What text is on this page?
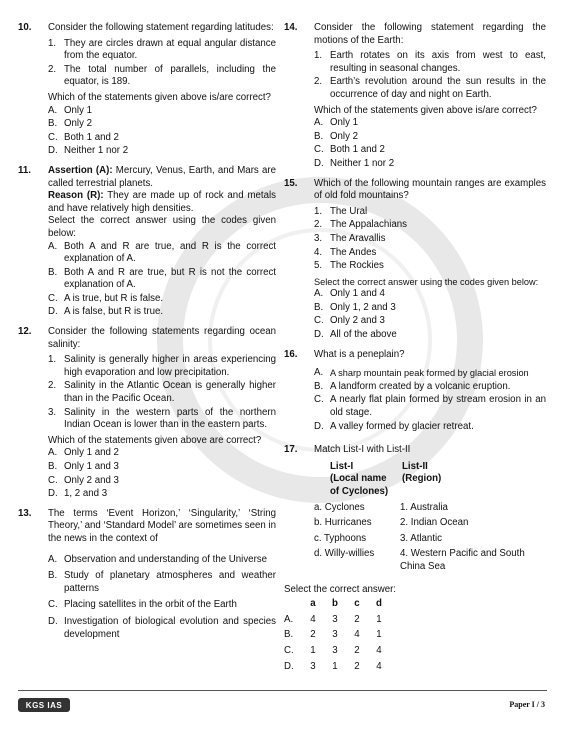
10.	Consider the following statement regarding latitudes:
1. They are circles drawn at equal angular distance from the equator.
2. The total number of parallels, including the equator, is 189.
Which of the statements given above is/are correct?
A. Only 1
B. Only 2
C. Both 1 and 2
D. Neither 1 nor 2
11.	Assertion (A): Mercury, Venus, Earth, and Mars are called terrestrial planets.
Reason (R): They are made up of rock and metals and have relatively high densities.
Select the correct answer using the codes given below:
A. Both A and R are true, and R is the correct explanation of A.
B. Both A and R are true, but R is not the correct explanation of A.
C. A is true, but R is false.
D. A is false, but R is true.
12.	Consider the following statements regarding ocean salinity:
1. Salinity is generally higher in areas experiencing high evaporation and low precipitation.
2. Salinity in the Atlantic Ocean is generally higher than in the Pacific Ocean.
3. Salinity in the western parts of the northern Indian Ocean is lower than in the eastern parts.
Which of the statements given above are correct?
A. Only 1 and 2
B. Only 1 and 3
C. Only 2 and 3
D. 1, 2 and 3
13.	The terms ‘Event Horizon,’ ‘Singularity,’ ‘String Theory,’ and ‘Standard Model’ are sometimes seen in the news in the context of
A. Observation and understanding of the Universe
B. Study of planetary atmospheres and weather patterns
C. Placing satellites in the orbit of the Earth
D. Investigation of biological evolution and species development
14.	Consider the following statement regarding the motions of the Earth:
1. Earth rotates on its axis from west to east, resulting in seasonal changes.
2. Earth’s revolution around the sun results in the occurrence of day and night on Earth.
Which of the statements given above is/are correct?
A. Only 1
B. Only 2
C. Both 1 and 2
D. Neither 1 nor 2
15.	Which of the following mountain ranges are examples of old fold mountains?
1. The Ural
2. The Appalachians
3. The Aravallis
4. The Andes
5. The Rockies
Select the correct answer using the codes given below:
A. Only 1 and 4
B. Only 1, 2 and 3
C. Only 2 and 3
D. All of the above
16.	What is a peneplain?
A. A sharp mountain peak formed by glacial erosion
B. A landform created by a volcanic eruption.
C. A nearly flat plain formed by stream erosion in an old stage.
D. A valley formed by glacier retreat.
17.	Match List-I with List-II
List-I
(Local name of Cyclones)
List-II
(Region)
a. Cyclones	1. Australia
b. Hurricanes	2. Indian Ocean
c. Typhoons	3. Atlantic
d. Willy-willies	4. Western Pacific and South China Sea
Select the correct answer:
a	b	c	d
A.	4	3	2	1
B.	2	3	4	1
C.	1	3	2	4
D.	3	1	2	4
KGS IAS	Paper I / 3
